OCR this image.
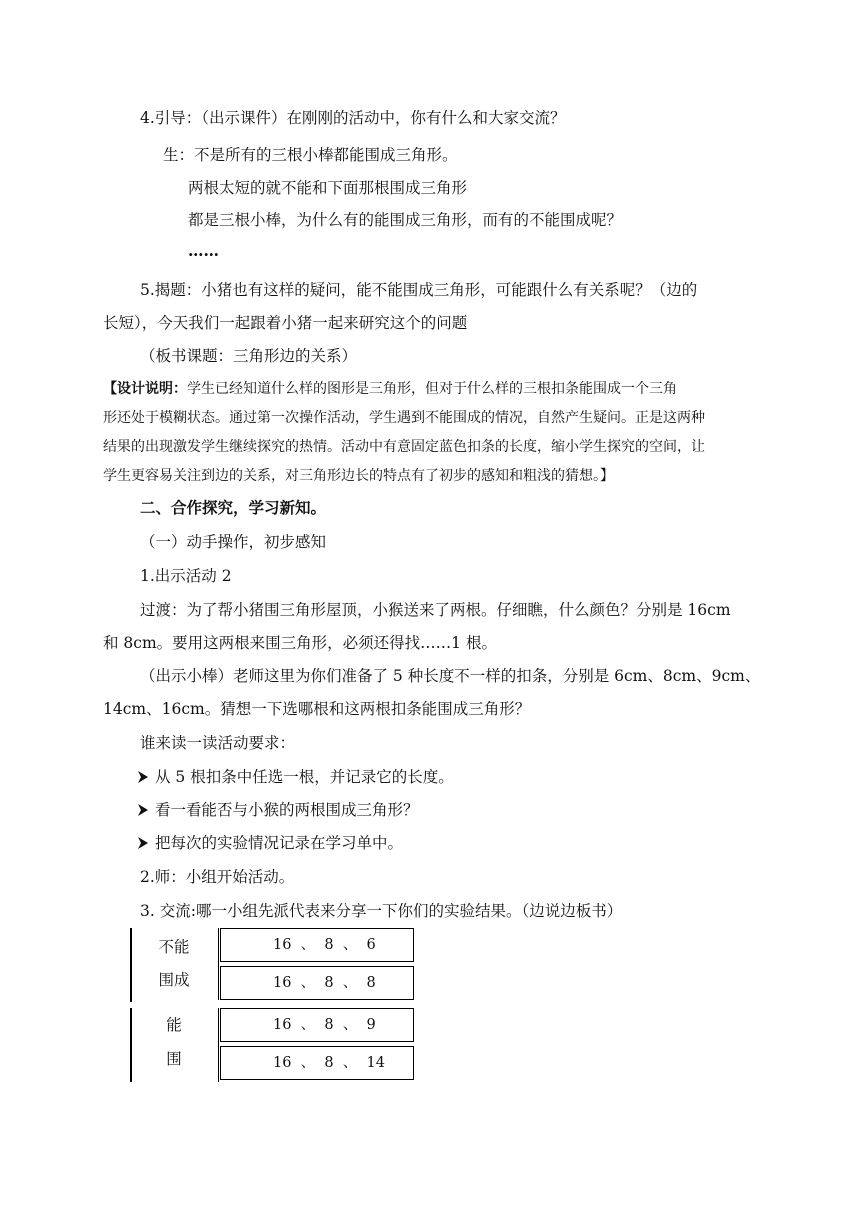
4.引导：（出示课件）在刚刚的活动中，你有什么和大家交流？
生：不是所有的三根小棒都能围成三角形。
两根太短的就不能和下面那根围成三角形
都是三根小棒，为什么有的能围成三角形，而有的不能围成呢？
……
5.揭题：小猪也有这样的疑问，能不能围成三角形，可能跟什么有关系呢？（边的
长短），今天我们一起跟着小猪一起来研究这个的问题
（板书课题：三角形边的关系）
【设计说明：学生已经知道什么样的图形是三角形，但对于什么样的三根扣条能围成一个三角
形还处于模糊状态。通过第一次操作活动，学生遇到不能围成的情况，自然产生疑问。正是这两种
结果的出现激发学生继续探究的热情。活动中有意固定蓝色扣条的长度，缩小学生探究的空间，让
学生更容易关注到边的关系，对三角形边长的特点有了初步的感知和粗浅的猜想。】
二、合作探究，学习新知。
（一）动手操作，初步感知
1.出示活动 2
过渡：为了帮小猪围三角形屋顶，小猴送来了两根。仔细瞧，什么颜色？分别是 16cm
和 8cm。要用这两根来围三角形，必须还得找……1 根。
（出示小棒）老师这里为你们准备了 5 种长度不一样的扣条，分别是 6cm、8cm、9cm、
14cm、16cm。猜想一下选哪根和这两根扣条能围成三角形？
谁来读一读活动要求：
从 5 根扣条中任选一根，并记录它的长度。
看一看能否与小猴的两根围成三角形？
把每次的实验情况记录在学习单中。
2.师：小组开始活动。
3. 交流:哪一小组先派代表来分享一下你们的实验结果。（边说边板书）
不能
围成
能
围
16  、  8  、  6
16  、  8  、  8
16  、  8  、  9
16  、  8  、  14
